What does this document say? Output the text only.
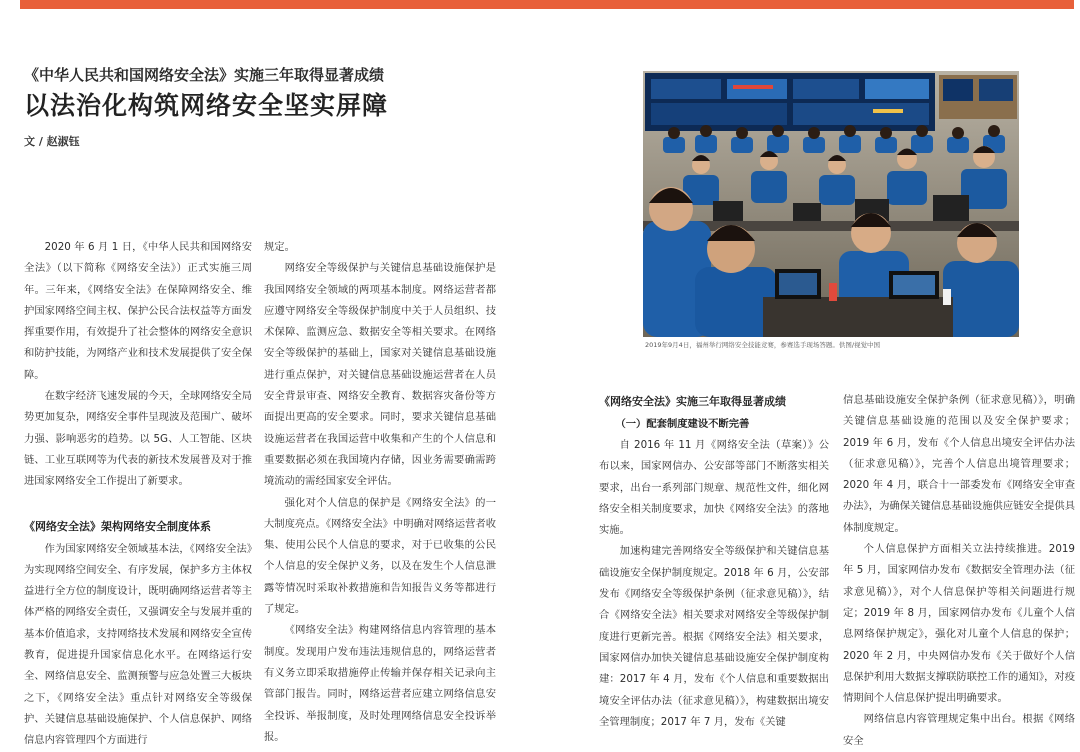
《中华人民共和国网络安全法》实施三年取得显著成绩
以法治化构筑网络安全坚实屏障
文 / 赵淑钰

2020 年 6 月 1 日，《中华人民共和国网络安全法》（以下简称《网络安全法》）正式实施三周年。三年来，《网络安全法》在保障网络安全、维护国家网络空间主权、保护公民合法权益等方面发挥重要作用，有效提升了社会整体的网络安全意识和防护技能，为网络产业和技术发展提供了安全保障。

在数字经济飞速发展的今天，全球网络安全局势更加复杂，网络安全事件呈现波及范围广、破坏力强、影响恶劣的趋势。以 5G、人工智能、区块链、工业互联网等为代表的新技术发展普及对于推进国家网络安全工作提出了新要求。

《网络安全法》架构网络安全制度体系

作为国家网络安全领域基本法，《网络安全法》为实现网络空间安全、有序发展，保护多方主体权益进行全方位的制度设计，既明确网络运营者等主体严格的网络安全责任，又强调安全与发展并重的基本价值追求，支持网络技术发展和网络安全宣传教育，促进提升国家信息化水平。在网络运行安全、网络信息安全、监测预警与应急处置三大板块之下，《网络安全法》重点针对网络安全等级保护、关键信息基础设施保护、个人信息保护、网络信息内容管理四个方面进行

规定。

网络安全等级保护与关键信息基础设施保护是我国网络安全领域的两项基本制度。网络运营者都应遵守网络安全等级保护制度中关于人员组织、技术保障、监测应急、数据安全等相关要求。在网络安全等级保护的基础上，国家对关键信息基础设施进行重点保护，对关键信息基础设施运营者在人员安全背景审查、网络安全教育、数据容灾备份等方面提出更高的安全要求。同时，要求关键信息基础设施运营者在我国运营中收集和产生的个人信息和重要数据必须在我国境内存储，因业务需要确需跨境流动的需经国家安全评估。

强化对个人信息的保护是《网络安全法》的一大制度亮点。《网络安全法》中明确对网络运营者收集、使用公民个人信息的要求，对于已收集的公民个人信息的安全保护义务，以及在发生个人信息泄露等情况时采取补救措施和告知报告义务等都进行了规定。

《网络安全法》构建网络信息内容管理的基本制度。发现用户发布违法违规信息的，网络运营者有义务立即采取措施停止传输并保存相关记录向主管部门报告。同时，网络运营者应建立网络信息安全投诉、举报制度，及时处理网络信息安全投诉举报。

2019年9月4日，福州举行网络安全技能竞赛，参赛选手现场答题。供图/视觉中国
《网络安全法》实施三年取得显著成绩
（一）配套制度建设不断完善

自 2016 年 11 月《网络安全法（草案）》公布以来，国家网信办、公安部等部门不断落实相关要求，出台一系列部门规章、规范性文件，细化网络安全相关制度要求，加快《网络安全法》的落地实施。

加速构建完善网络安全等级保护和关键信息基础设施安全保护制度规定。2018 年 6 月，公安部发布《网络安全等级保护条例（征求意见稿）》，结合《网络安全法》相关要求对网络安全等级保护制度进行更新完善。根据《网络安全法》相关要求，国家网信办加快关键信息基础设施安全保护制度构建：2017 年 4 月，发布《个人信息和重要数据出境安全评估办法（征求意见稿）》，构建数据出境安全管理制度；2017 年 7 月，发布《关键

信息基础设施安全保护条例（征求意见稿）》，明确关键信息基础设施的范围以及安全保护要求；2019 年 6 月，发布《个人信息出境安全评估办法（征求意见稿）》，完善个人信息出境管理要求；2020 年 4 月，联合十一部委发布《网络安全审查办法》，为确保关键信息基础设施供应链安全提供具体制度规定。

个人信息保护方面相关立法持续推进。2019 年 5 月，国家网信办发布《数据安全管理办法（征求意见稿）》，对个人信息保护等相关问题进行规定；2019 年 8 月，国家网信办发布《儿童个人信息网络保护规定》，强化对儿童个人信息的保护；2020 年 2 月，中央网信办发布《关于做好个人信息保护利用大数据支撑联防联控工作的通知》，对疫情期间个人信息保护提出明确要求。

网络信息内容管理规定集中出台。根据《网络安全
